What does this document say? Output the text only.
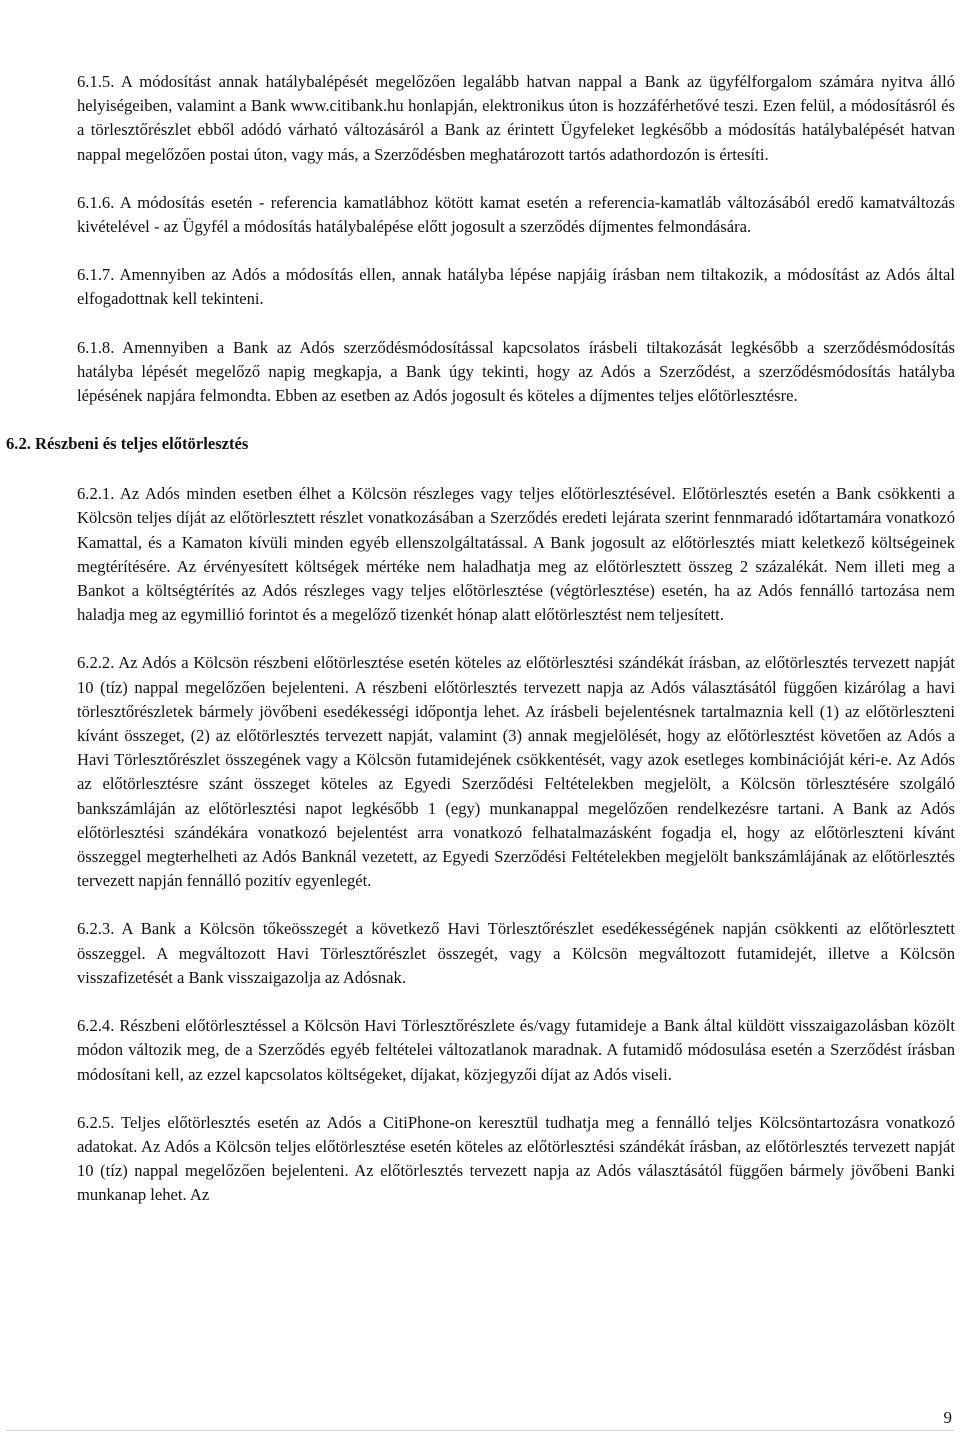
6.1.5. A módosítást annak hatálybalépését megelőzően legalább hatvan nappal a Bank az ügyfélforgalom számára nyitva álló helyiségeiben, valamint a Bank www.citibank.hu honlapján, elektronikus úton is hozzáférhetővé teszi. Ezen felül, a módosításról és a törlesztőrészlet ebből adódó várható változásáról a Bank az érintett Ügyfeleket legkésőbb a módosítás hatálybalépését hatvan nappal megelőzően postai úton, vagy más, a Szerződésben meghatározott tartós adathordozón is értesíti.

6.1.6. A módosítás esetén - referencia kamatlábhoz kötött kamat esetén a referencia-kamatláb változásából eredő kamatváltozás kivételével - az Ügyfél a módosítás hatálybalépése előtt jogosult a szerződés díjmentes felmondására.

6.1.7. Amennyiben az Adós a módosítás ellen, annak hatályba lépése napjáig írásban nem tiltakozik, a módosítást az Adós által elfogadottnak kell tekinteni.

6.1.8. Amennyiben a Bank az Adós szerződésmódosítással kapcsolatos írásbeli tiltakozását legkésőbb a szerződésmódosítás hatályba lépését megelőző napig megkapja, a Bank úgy tekinti, hogy az Adós a Szerződést, a szerződésmódosítás hatályba lépésének napjára felmondta. Ebben az esetben az Adós jogosult és köteles a díjmentes teljes előtörlesztésre.

6.2. Részbeni és teljes előtörlesztés

6.2.1. Az Adós minden esetben élhet a Kölcsön részleges vagy teljes előtörlesztésével. Előtörlesztés esetén a Bank csökkenti a Kölcsön teljes díját az előtörlesztett részlet vonatkozásában a Szerződés eredeti lejárata szerint fennmaradó időtartamára vonatkozó Kamattal, és a Kamaton kívüli minden egyéb ellenszolgáltatással. A Bank jogosult az előtörlesztés miatt keletkező költségeinek megtérítésére. Az érvényesített költségek mértéke nem haladhatja meg az előtörlesztett összeg 2 százalékát. Nem illeti meg a Bankot a költségtérítés az Adós részleges vagy teljes előtörlesztése (végtörlesztése) esetén, ha az Adós fennálló tartozása nem haladja meg az egymillió forintot és a megelőző tizenkét hónap alatt előtörlesztést nem teljesített.

6.2.2. Az Adós a Kölcsön részbeni előtörlesztése esetén köteles az előtörlesztési szándékát írásban, az előtörlesztés tervezett napját 10 (tíz) nappal megelőzően bejelenteni. A részbeni előtörlesztés tervezett napja az Adós választásától függően kizárólag a havi törlesztőrészletek bármely jövőbeni esedékességi időpontja lehet. Az írásbeli bejelentésnek tartalmaznia kell (1) az előtörleszteni kívánt összeget, (2) az előtörlesztés tervezett napját, valamint (3) annak megjelölését, hogy az előtörlesztést követően az Adós a Havi Törlesztőrészlet összegének vagy a Kölcsön futamidejének csökkentését, vagy azok esetleges kombinációját kéri-e. Az Adós az előtörlesztésre szánt összeget köteles az Egyedi Szerződési Feltételekben megjelölt, a Kölcsön törlesztésére szolgáló bankszámláján az előtörlesztési napot legkésőbb 1 (egy) munkanappal megelőzően rendelkezésre tartani. A Bank az Adós előtörlesztési szándékára vonatkozó bejelentést arra vonatkozó felhatalmazásként fogadja el, hogy az előtörleszteni kívánt összeggel megterhelheti az Adós Banknál vezetett, az Egyedi Szerződési Feltételekben megjelölt bankszámlájának az előtörlesztés tervezett napján fennálló pozitív egyenlegét.

6.2.3. A Bank a Kölcsön tőkeösszegét a következő Havi Törlesztőrészlet esedékességének napján csökkenti az előtörlesztett összeggel. A megváltozott Havi Törlesztőrészlet összegét, vagy a Kölcsön megváltozott futamidejét, illetve a Kölcsön visszafizetését a Bank visszaigazolja az Adósnak.

6.2.4. Részbeni előtörlesztéssel a Kölcsön Havi Törlesztőrészlete és/vagy futamideje a Bank által küldött visszaigazolásban közölt módon változik meg, de a Szerződés egyéb feltételei változatlanok maradnak. A futamidő módosulása esetén a Szerződést írásban módosítani kell, az ezzel kapcsolatos költségeket, díjakat, közjegyzői díjat az Adós viseli.

6.2.5. Teljes előtörlesztés esetén az Adós a CitiPhone-on keresztül tudhatja meg a fennálló teljes Kölcsöntartozásra vonatkozó adatokat. Az Adós a Kölcsön teljes előtörlesztése esetén köteles az előtörlesztési szándékát írásban, az előtörlesztés tervezett napját 10 (tíz) nappal megelőzően bejelenteni. Az előtörlesztés tervezett napja az Adós választásától függően bármely jövőbeni Banki munkanap lehet. Az

9
